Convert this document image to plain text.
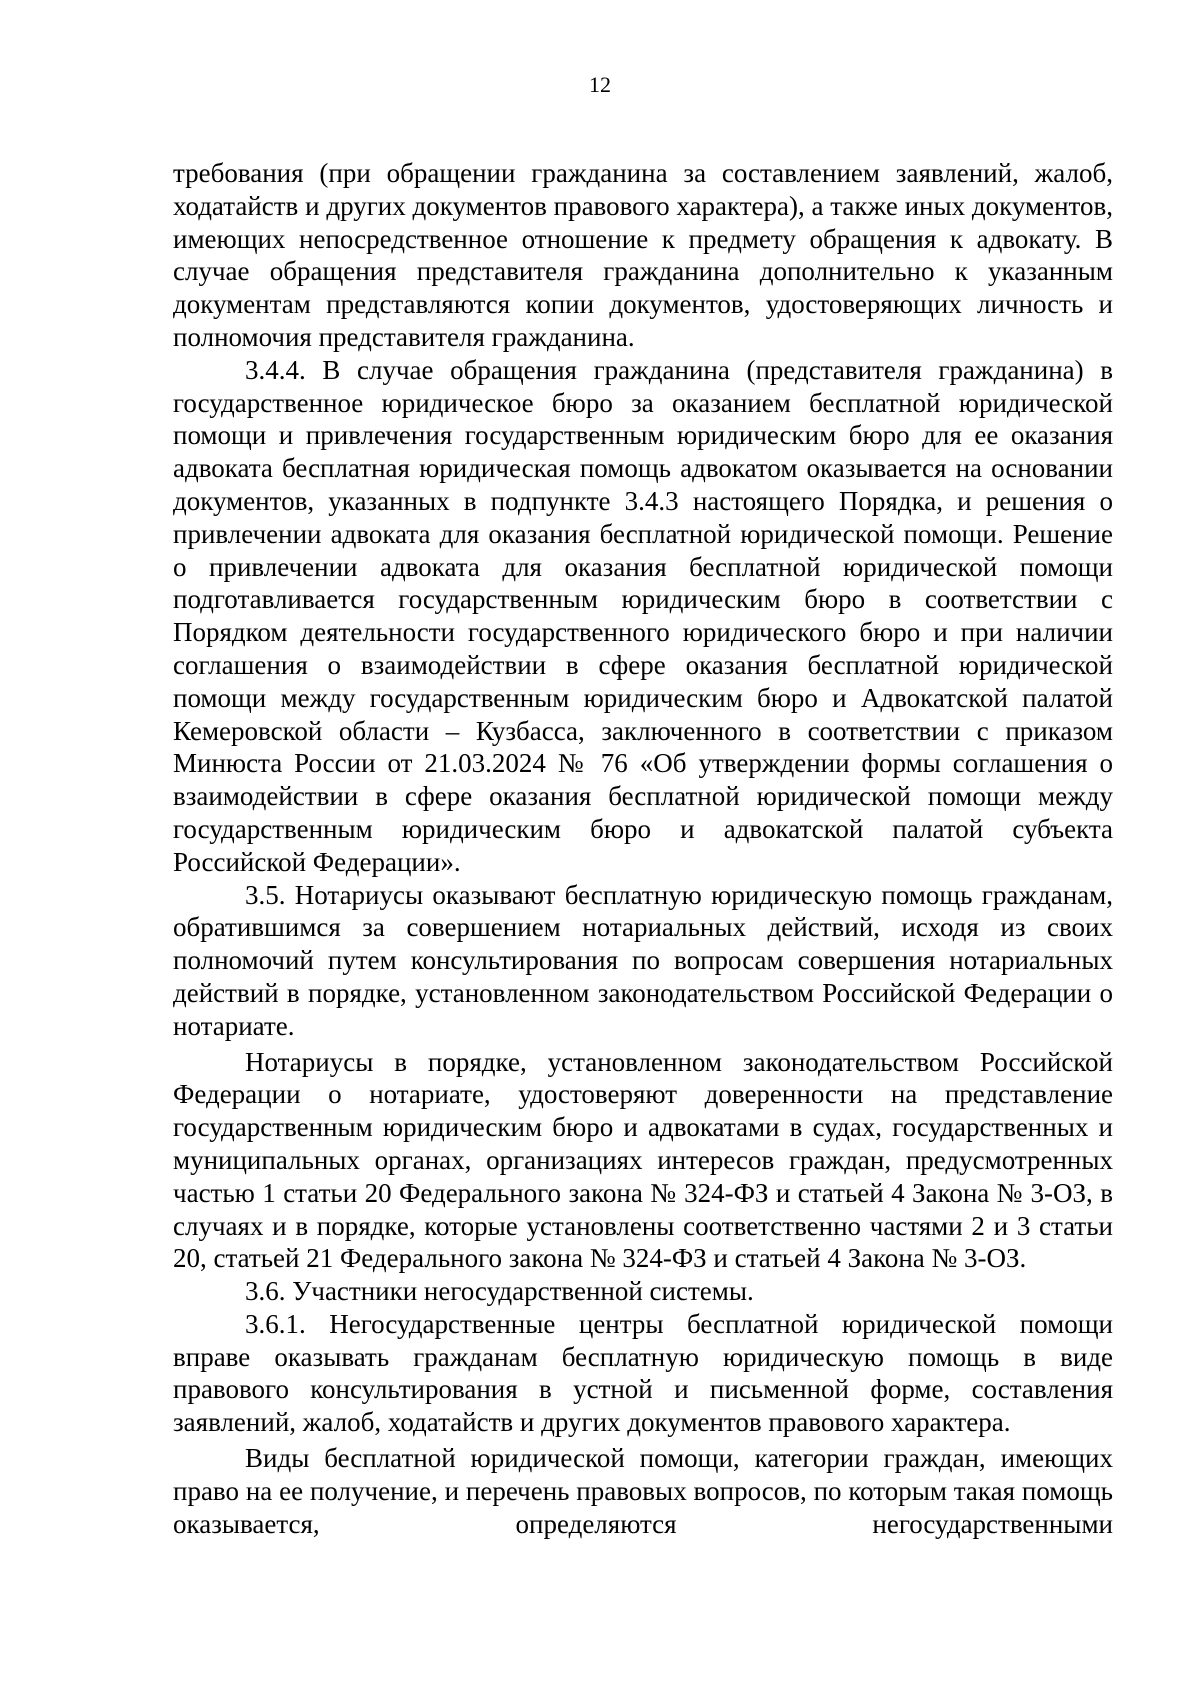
12

требования (при обращении гражданина за составлением заявлений, жалоб, ходатайств и других документов правового характера), а также иных документов, имеющих непосредственное отношение к предмету обращения к адвокату. В случае обращения представителя гражданина дополнительно к указанным документам представляются копии документов, удостоверяющих личность и полномочия представителя гражданина.

3.4.4. В случае обращения гражданина (представителя гражданина) в государственное юридическое бюро за оказанием бесплатной юридической помощи и привлечения государственным юридическим бюро для ее оказания адвоката бесплатная юридическая помощь адвокатом оказывается на основании документов, указанных в подпункте 3.4.3 настоящего Порядка, и решения о привлечении адвоката для оказания бесплатной юридической помощи. Решение о привлечении адвоката для оказания бесплатной юридической помощи подготавливается государственным юридическим бюро в соответствии с Порядком деятельности государственного юридического бюро и при наличии соглашения о взаимодействии в сфере оказания бесплатной юридической помощи между государственным юридическим бюро и Адвокатской палатой Кемеровской области – Кузбасса, заключенного в соответствии с приказом Минюста России от 21.03.2024 № 76 «Об утверждении формы соглашения о взаимодействии в сфере оказания бесплатной юридической помощи между государственным юридическим бюро и адвокатской палатой субъекта Российской Федерации».

3.5. Нотариусы оказывают бесплатную юридическую помощь гражданам, обратившимся за совершением нотариальных действий, исходя из своих полномочий путем консультирования по вопросам совершения нотариальных действий в порядке, установленном законодательством Российской Федерации о нотариате.

Нотариусы в порядке, установленном законодательством Российской Федерации о нотариате, удостоверяют доверенности на представление государственным юридическим бюро и адвокатами в судах, государственных и муниципальных органах, организациях интересов граждан, предусмотренных частью 1 статьи 20 Федерального закона № 324-ФЗ и статьей 4 Закона № 3-ОЗ, в случаях и в порядке, которые установлены соответственно частями 2 и 3 статьи 20, статьей 21 Федерального закона № 324-ФЗ и статьей 4 Закона № 3-ОЗ.

3.6. Участники негосударственной системы.

3.6.1. Негосударственные центры бесплатной юридической помощи вправе оказывать гражданам бесплатную юридическую помощь в виде правового консультирования в устной и письменной форме, составления заявлений, жалоб, ходатайств и других документов правового характера.

Виды бесплатной юридической помощи, категории граждан, имеющих право на ее получение, и перечень правовых вопросов, по которым такая помощь оказывается, определяются негосударственными
